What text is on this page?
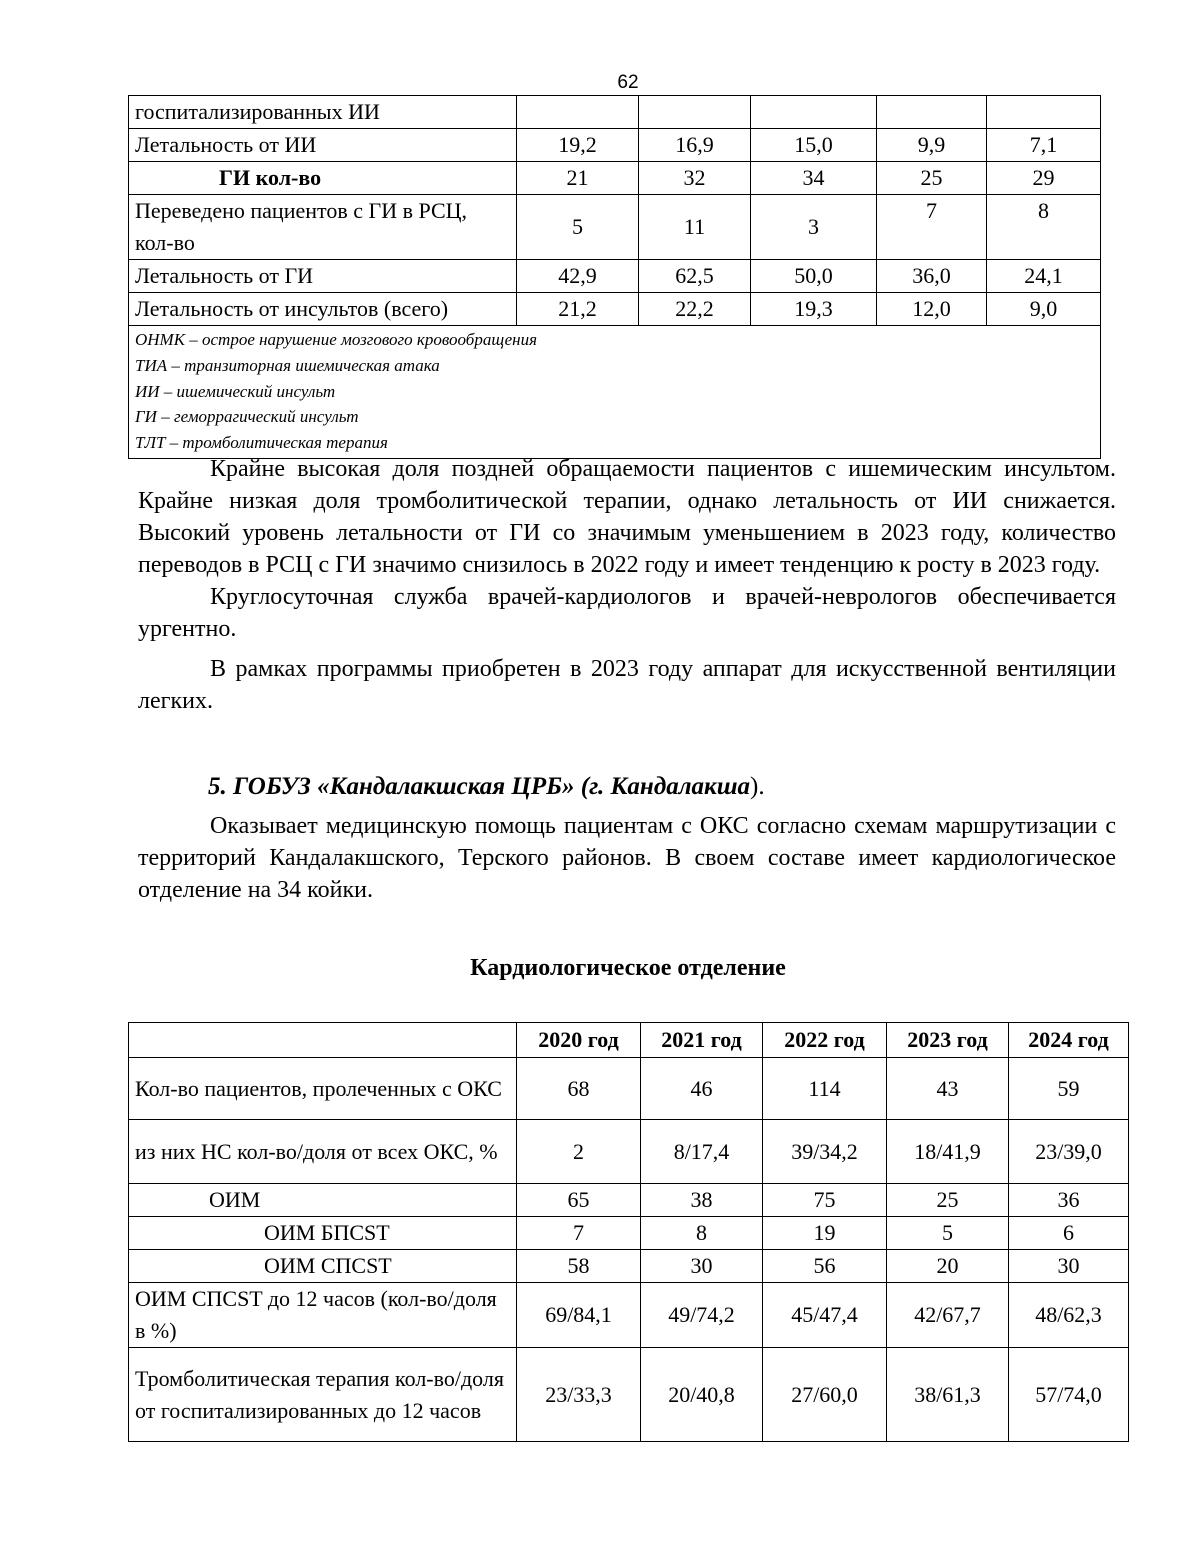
62
госпитализированных ИИ					
Летальность от ИИ	19,2	16,9	15,0	9,9	7,1
ГИ кол-во	21	32	34	25	29
Переведено пациентов с ГИ в РСЦ, кол-во	5	11	3	7	8
Летальность от ГИ	42,9	62,5	50,0	36,0	24,1
Летальность от инсультов (всего)	21,2	22,2	19,3	12,0	9,0

ОНМК – острое нарушение мозгового кровообращения
ТИА – транзиторная ишемическая атака
ИИ – ишемический инсульт
ГИ – геморрагический инсульт
ТЛТ – тромболитическая терапия					

Крайне высокая доля поздней обращаемости пациентов с ишемическим инсультом. Крайне низкая доля тромболитической терапии, однако летальность от ИИ снижается. Высокий уровень летальности от ГИ со значимым уменьшением в 2023 году, количество переводов в РСЦ с ГИ значимо снизилось в 2022 году и имеет тенденцию к росту в 2023 году.

Круглосуточная служба врачей-кардиологов и врачей-неврологов обеспечивается ургентно.

В рамках программы приобретен в 2023 году аппарат для искусственной вентиляции легких.

5. ГОБУЗ «Кандалакшская ЦРБ» (г. Кандалакша).

Оказывает медицинскую помощь пациентам с ОКС согласно схемам маршрутизации с территорий Кандалакшского, Терского районов. В своем составе имеет кардиологическое отделение на 34 койки.

Кардиологическое отделение
	2020 год	2021 год	2022 год	2023 год	2024 год
Кол-во пациентов, пролеченных с ОКС	68	46	114	43	59
из них НС кол-во/доля от всех ОКС, %	2	8/17,4	39/34,2	18/41,9	23/39,0
ОИМ	65	38	75	25	36
ОИМ БПСST	7	8	19	5	6
ОИМ СПСST	58	30	56	20	30
ОИМ СПСST до 12 часов (кол-во/доля в %)	69/84,1	49/74,2	45/47,4	42/67,7	48/62,3
Тромболитическая терапия кол-во/доля от госпитализированных до 12 часов	23/33,3	20/40,8	27/60,0	38/61,3	57/74,0
